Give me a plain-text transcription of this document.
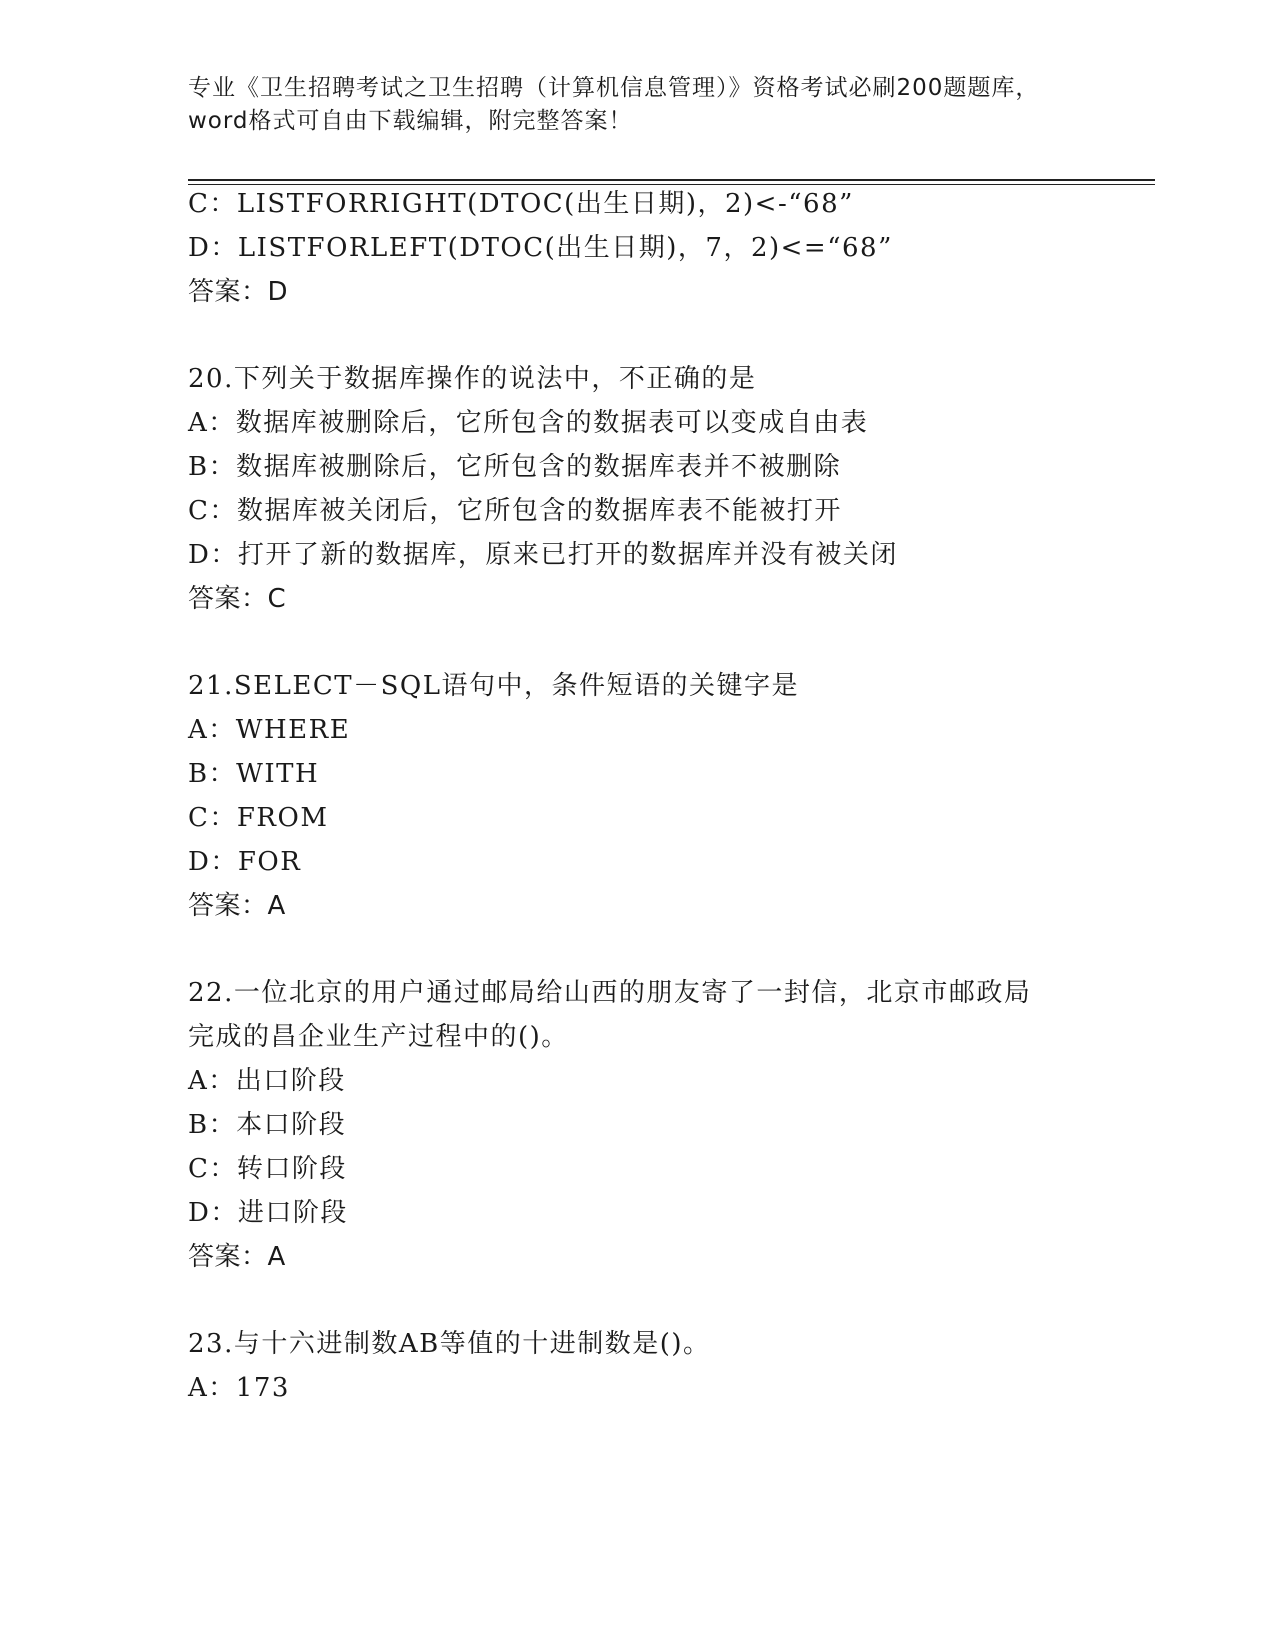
专业《卫生招聘考试之卫生招聘（计算机信息管理）》资格考试必刷200题题库，
word格式可自由下载编辑，附完整答案！
C：LISTFORRIGHT(DTOC(出生日期)，2)<-“68”
D：LISTFORLEFT(DTOC(出生日期)，7，2)<=“68”
答案：D
20.下列关于数据库操作的说法中，不正确的是
A：数据库被删除后，它所包含的数据表可以变成自由表
B：数据库被删除后，它所包含的数据库表并不被删除
C：数据库被关闭后，它所包含的数据库表不能被打开
D：打开了新的数据库，原来已打开的数据库并没有被关闭
答案：C
21.SELECT－SQL语句中，条件短语的关键字是
A：WHERE
B：WITH
C：FROM
D：FOR
答案：A
22.一位北京的用户通过邮局给山西的朋友寄了一封信，北京市邮政局
完成的昌企业生产过程中的()。
A：出口阶段
B：本口阶段
C：转口阶段
D：进口阶段
答案：A
23.与十六进制数AB等值的十进制数是()。
A：173
